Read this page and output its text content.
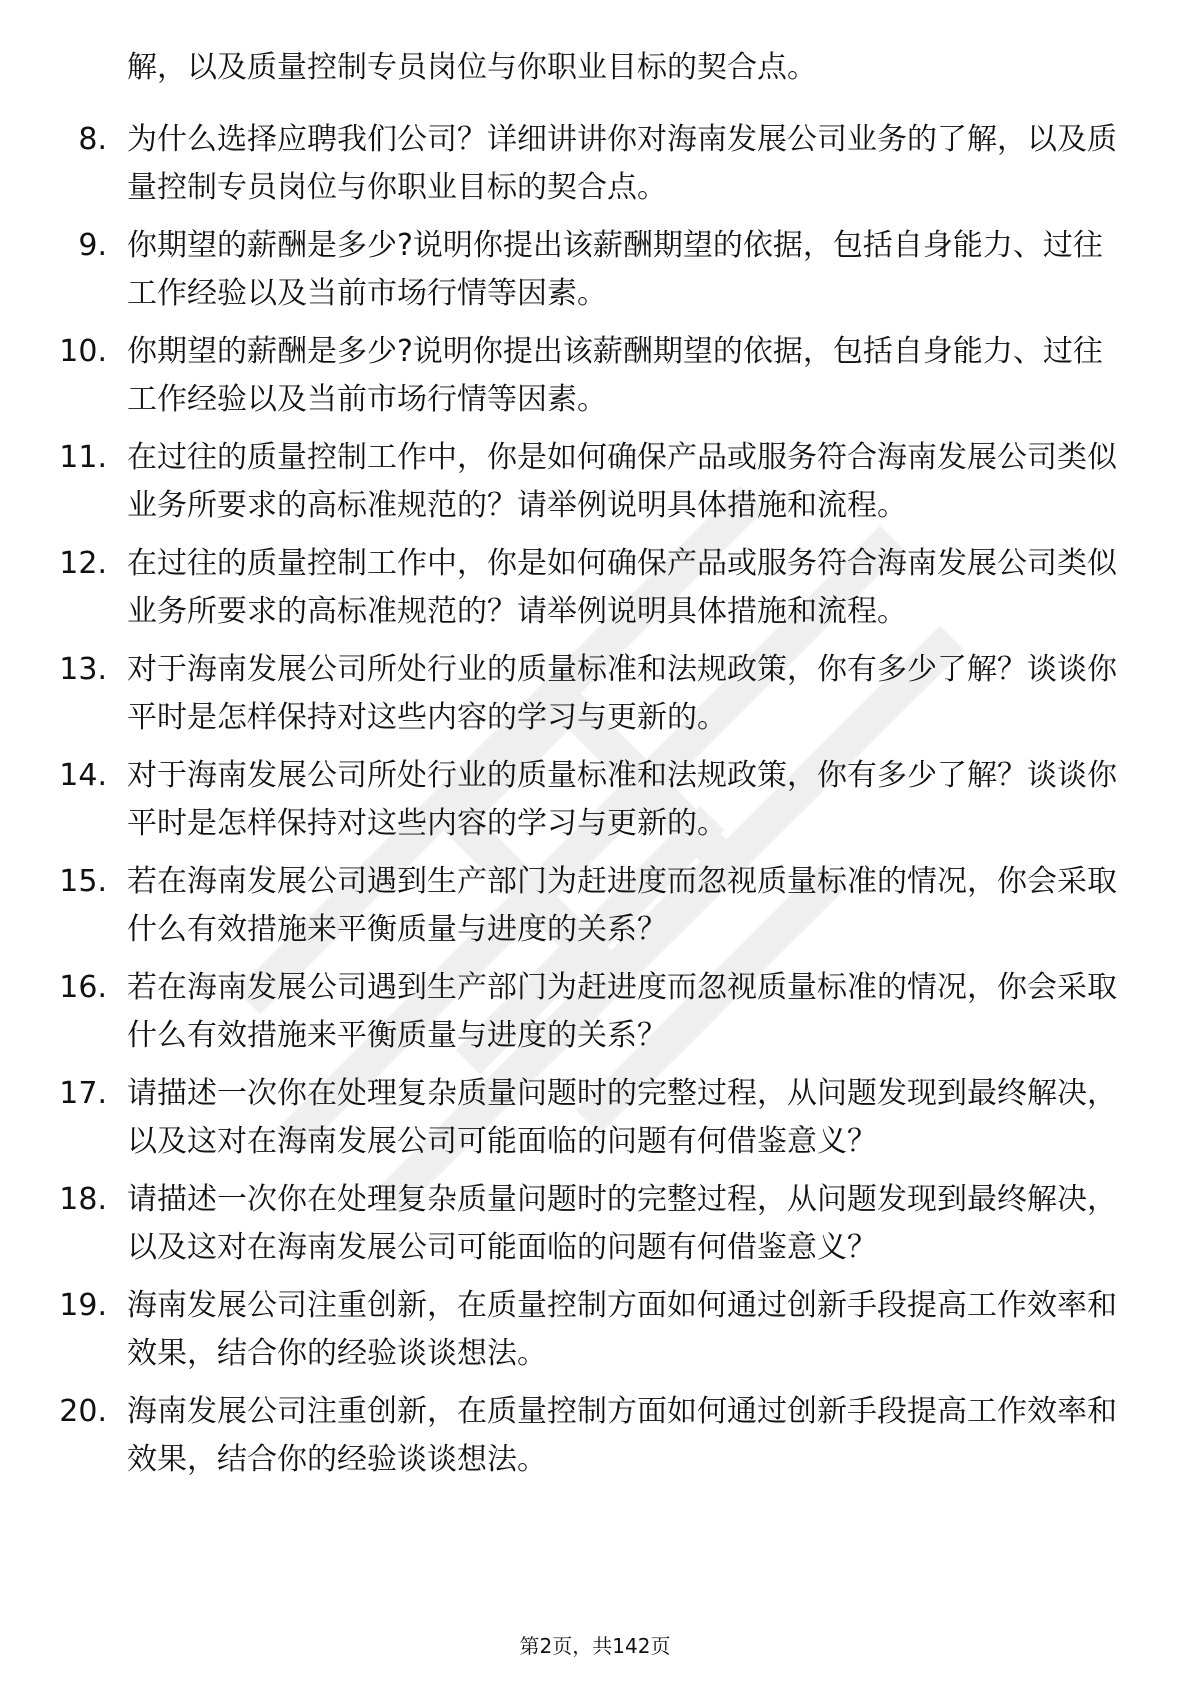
解，以及质量控制专员岗位与你职业目标的契合点。
8. 为什么选择应聘我们公司？详细讲讲你对海南发展公司业务的了解，以及质量控制专员岗位与你职业目标的契合点。
9. 你期望的薪酬是多少?说明你提出该薪酬期望的依据，包括自身能力、过往工作经验以及当前市场行情等因素。
10. 你期望的薪酬是多少?说明你提出该薪酬期望的依据，包括自身能力、过往工作经验以及当前市场行情等因素。
11. 在过往的质量控制工作中，你是如何确保产品或服务符合海南发展公司类似业务所要求的高标准规范的？请举例说明具体措施和流程。
12. 在过往的质量控制工作中，你是如何确保产品或服务符合海南发展公司类似业务所要求的高标准规范的？请举例说明具体措施和流程。
13. 对于海南发展公司所处行业的质量标准和法规政策，你有多少了解？谈谈你平时是怎样保持对这些内容的学习与更新的。
14. 对于海南发展公司所处行业的质量标准和法规政策，你有多少了解？谈谈你平时是怎样保持对这些内容的学习与更新的。
15. 若在海南发展公司遇到生产部门为赶进度而忽视质量标准的情况，你会采取什么有效措施来平衡质量与进度的关系？
16. 若在海南发展公司遇到生产部门为赶进度而忽视质量标准的情况，你会采取什么有效措施来平衡质量与进度的关系？
17. 请描述一次你在处理复杂质量问题时的完整过程，从问题发现到最终解决，以及这对在海南发展公司可能面临的问题有何借鉴意义？
18. 请描述一次你在处理复杂质量问题时的完整过程，从问题发现到最终解决，以及这对在海南发展公司可能面临的问题有何借鉴意义？
19. 海南发展公司注重创新，在质量控制方面如何通过创新手段提高工作效率和效果，结合你的经验谈谈想法。
20. 海南发展公司注重创新，在质量控制方面如何通过创新手段提高工作效率和效果，结合你的经验谈谈想法。
第2页，共142页
